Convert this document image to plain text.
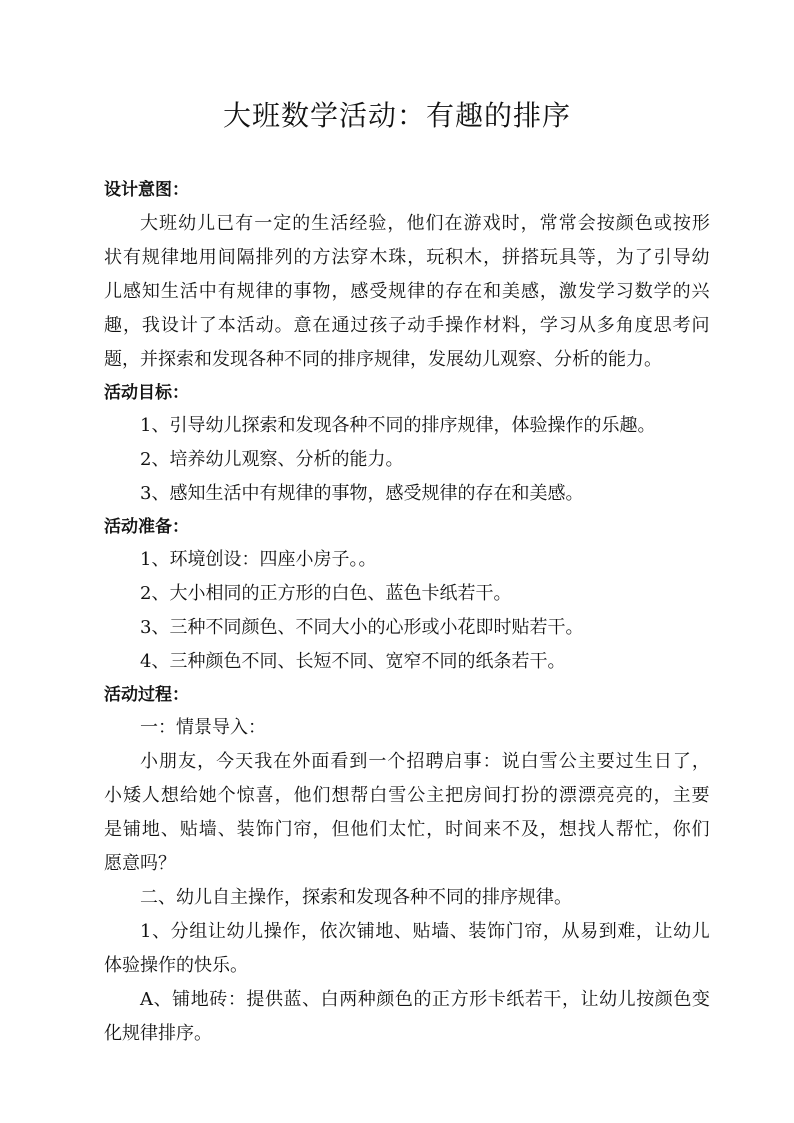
大班数学活动：有趣的排序

设计意图：

大 班 幼 儿 已 有 一 定 的 生 活 经 验 ， 他 们 在 游 戏 时 ， 常 常 会 按 颜 色 或 按 形

状 有 规 律 地 用 间 隔 排 列 的 方 法 穿 木 珠 ， 玩 积 木 ， 拼 搭 玩 具 等 ， 为 了 引 导 幼

儿 感 知 生 活 中 有 规 律 的 事 物 ， 感 受 规 律 的 存 在 和 美 感 ， 激 发 学 习 数 学 的 兴

趣 ， 我 设 计 了 本 活 动 。 意 在 通 过 孩 子 动 手 操 作 材 料 ， 学 习 从 多 角 度 思 考 问

题，并探索和发现各种不同的排序规律，发展幼儿观察、分析的能力。

活动目标：

1、引导幼儿探索和发现各种不同的排序规律，体验操作的乐趣。

2、培养幼儿观察、分析的能力。

3、感知生活中有规律的事物，感受规律的存在和美感。

活动准备：

1、环境创设：四座小房子。。

2、大小相同的正方形的白色、蓝色卡纸若干。

3、三种不同颜色、不同大小的心形或小花即时贴若干。

4、三种颜色不同、长短不同、宽窄不同的纸条若干。

活动过程：

一：情景导入：

小 朋 友 ， 今 天 我 在 外 面 看 到 一 个 招 聘 启 事 ： 说 白 雪 公 主 要 过 生 日 了 ，

小 矮 人 想 给 她 个 惊 喜 ， 他 们 想 帮 白 雪 公 主 把 房 间 打 扮 的 漂 漂 亮 亮 的 ， 主 要

是 铺 地 、 贴 墙 、 装 饰 门 帘 ， 但 他 们 太 忙 ， 时 间 来 不 及 ， 想 找 人 帮 忙 ， 你 们

愿意吗？

二、幼儿自主操作，探索和发现各种不同的排序规律。

1 、 分 组 让 幼 儿 操 作 ， 依 次 铺 地 、 贴 墙 、 装 饰 门 帘 ， 从 易 到 难 ， 让 幼 儿

体验操作的快乐。

A 、 铺 地 砖 ： 提 供 蓝 、 白 两 种 颜 色 的 正 方 形 卡 纸 若 干 ， 让 幼 儿 按 颜 色 变

化规律排序。
